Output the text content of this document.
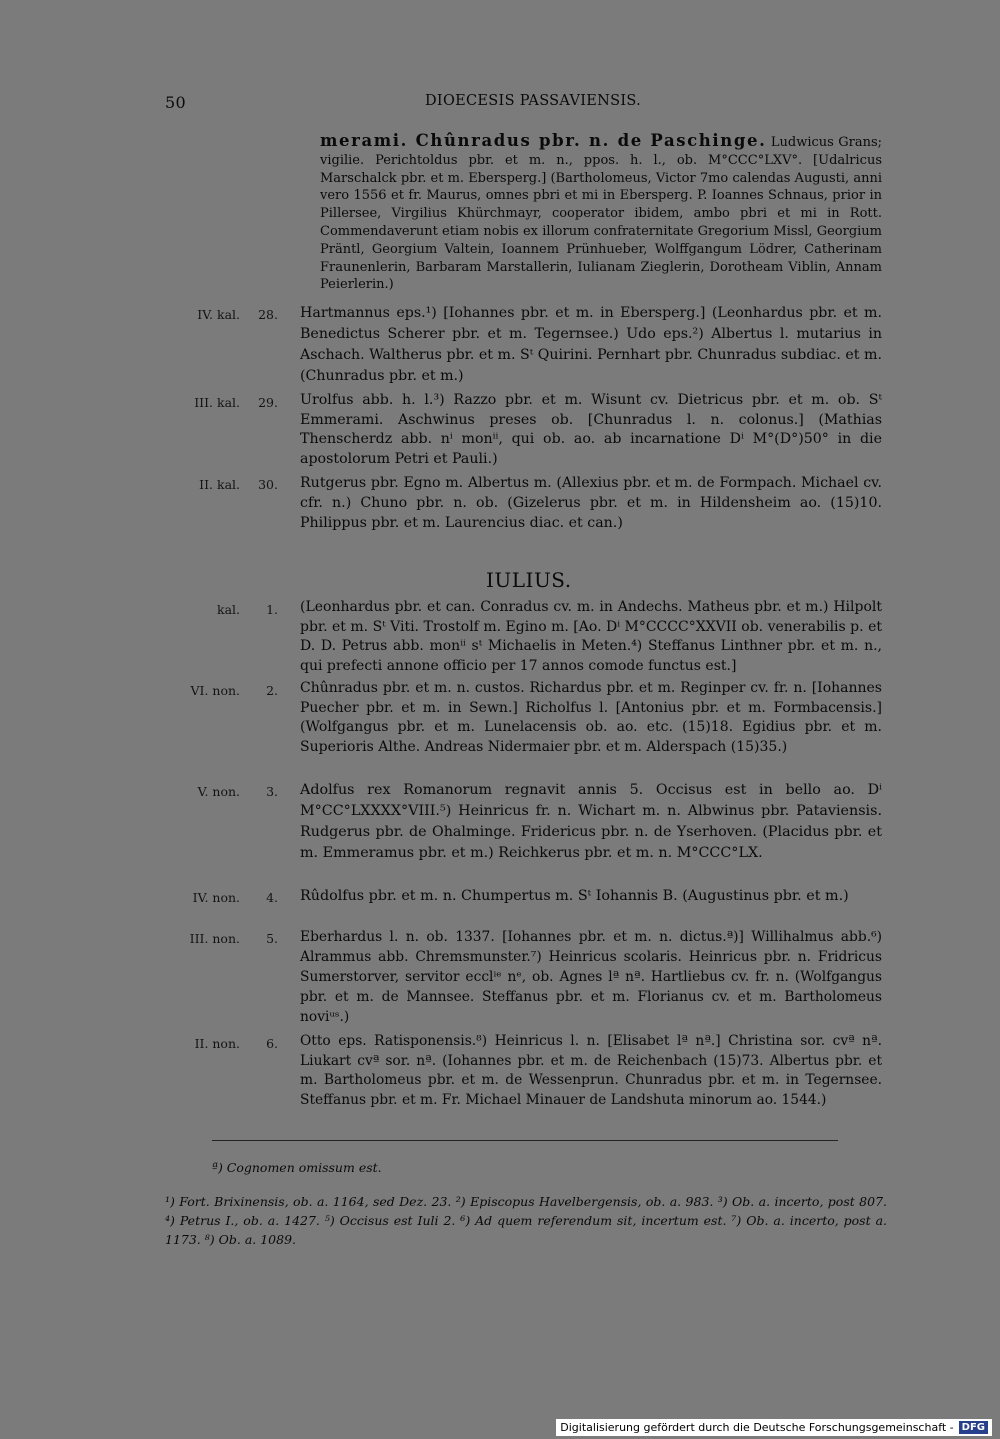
50	DIOECESIS PASSAVIENSIS.
merami. Chûnradus pbr. n. de Paschinge. Ludwicus Grans; vigilie. Perichtoldus pbr. et m. n., ppos. h. l., ob. M°CCC°LXV°. [Udalricus Marschalck pbr. et m. Ebersperg.] (Bartholomeus, Victor 7mo calendas Augusti, anni vero 1556 et fr. Maurus, omnes pbri et mi in Ebersperg. P. Ioannes Schnaus, prior in Pillersee, Virgilius Khürchmayr, cooperator ibidem, ambo pbri et mi in Rott. Commendaverunt etiam nobis ex illorum confraternitate Gregorium Missl, Georgium Präntl, Georgium Valtein, Ioannem Prünhueber, Wolffgangum Lödrer, Catherinam Fraunenlerin, Barbaram Marstallerin, Iulianam Zieglerin, Dorotheam Viblin, Annam Peierlerin.)
IV. kal.	28. Hartmannus eps.¹) [Iohannes pbr. et m. in Ebersperg.] (Leonhardus pbr. et m. Benedictus Scherer pbr. et m. Tegernsee.) Udo eps.²) Albertus l. mutarius in Aschach. Waltherus pbr. et m. Sᵗ Quirini. Pernhart pbr. Chunradus subdiac. et m. (Chunradus pbr. et m.)
III. kal.	29. Urolfus abb. h. l.³) Razzo pbr. et m. Wisunt cv. Dietricus pbr. et m. ob. Sᵗ Emmerami. Aschwinus preses ob. [Chunradus l. n. colonus.] (Mathias Thenscherdz abb. nⁱ monⁱⁱ, qui ob. ao. ab incarnatione Dⁱ M°(D°)50° in die apostolorum Petri et Pauli.)
II. kal.	30. Rutgerus pbr. Egno m. Albertus m. (Allexius pbr. et m. de Formpach. Michael cv. cfr. n.) Chuno pbr. n. ob. (Gizelerus pbr. et m. in Hildensheim ao. (15)10. Philippus pbr. et m. Laurencius diac. et can.)
IULIUS.
kal.	1. (Leonhardus pbr. et can. Conradus cv. m. in Andechs. Matheus pbr. et m.) Hilpolt pbr. et m. Sᵗ Viti. Trostolf m. Egino m. [Ao. Dⁱ M°CCCC°XXVII ob. venerabilis p. et D. D. Petrus abb. monⁱⁱ sᵗ Michaelis in Meten.⁴) Steffanus Linthner pbr. et m. n., qui prefecti annone officio per 17 annos comode functus est.]
VI. non.	2. Chûnradus pbr. et m. n. custos. Richardus pbr. et m. Reginper cv. fr. n. [Iohannes Puecher pbr. et m. in Sewn.] Richolfus l. [Antonius pbr. et m. Formbacensis.] (Wolfgangus pbr. et m. Lunelacensis ob. ao. etc. (15)18. Egidius pbr. et m. Superioris Althe. Andreas Nidermaier pbr. et m. Alderspach (15)35.)
V. non.	3. Adolfus rex Romanorum regnavit annis 5. Occisus est in bello ao. Dⁱ M°CC°LXXXX°VIII.⁵) Heinricus fr. n. Wichart m. n. Albwinus pbr. Pataviensis. Rudgerus pbr. de Ohalminge. Fridericus pbr. n. de Yserhoven. (Placidus pbr. et m. Emmeramus pbr. et m.) Reichkerus pbr. et m. n. M°CCC°LX.
IV. non.	4. Rûdolfus pbr. et m. n. Chumpertus m. Sᵗ Iohannis B. (Augustinus pbr. et m.)
III. non.	5. Eberhardus l. n. ob. 1337. [Iohannes pbr. et m. n. dictus.ª)] Willihalmus abb.⁶) Alrammus abb. Chremsmunster.⁷) Heinricus scolaris. Heinricus pbr. n. Fridricus Sumerstorver, servitor ecclⁱᵉ nᵉ, ob. Agnes lª nª. Hartliebus cv. fr. n. (Wolfgangus pbr. et m. de Mannsee. Steffanus pbr. et m. Florianus cv. et m. Bartholomeus noviᵘˢ.)
II. non.	6. Otto eps. Ratisponensis.⁸) Heinricus l. n. [Elisabet lª nª.] Christina sor. cvª nª. Liukart cvª sor. nª. (Iohannes pbr. et m. de Reichenbach (15)73. Albertus pbr. et m. Bartholomeus pbr. et m. de Wessenprun. Chunradus pbr. et m. in Tegernsee. Steffanus pbr. et m. Fr. Michael Minauer de Landshuta minorum ao. 1544.)
ª) Cognomen omissum est.
¹) Fort. Brixinensis, ob. a. 1164, sed Dez. 23. ²) Episcopus Havelbergensis, ob. a. 983. ³) Ob. a. incerto, post 807. ⁴) Petrus I., ob. a. 1427. ⁵) Occisus est Iuli 2. ⁶) Ad quem referendum sit, incertum est. ⁷) Ob. a. incerto, post a. 1173. ⁸) Ob. a. 1089.
Digitalisierung gefördert durch die Deutsche Forschungsgemeinschaft - DFG
